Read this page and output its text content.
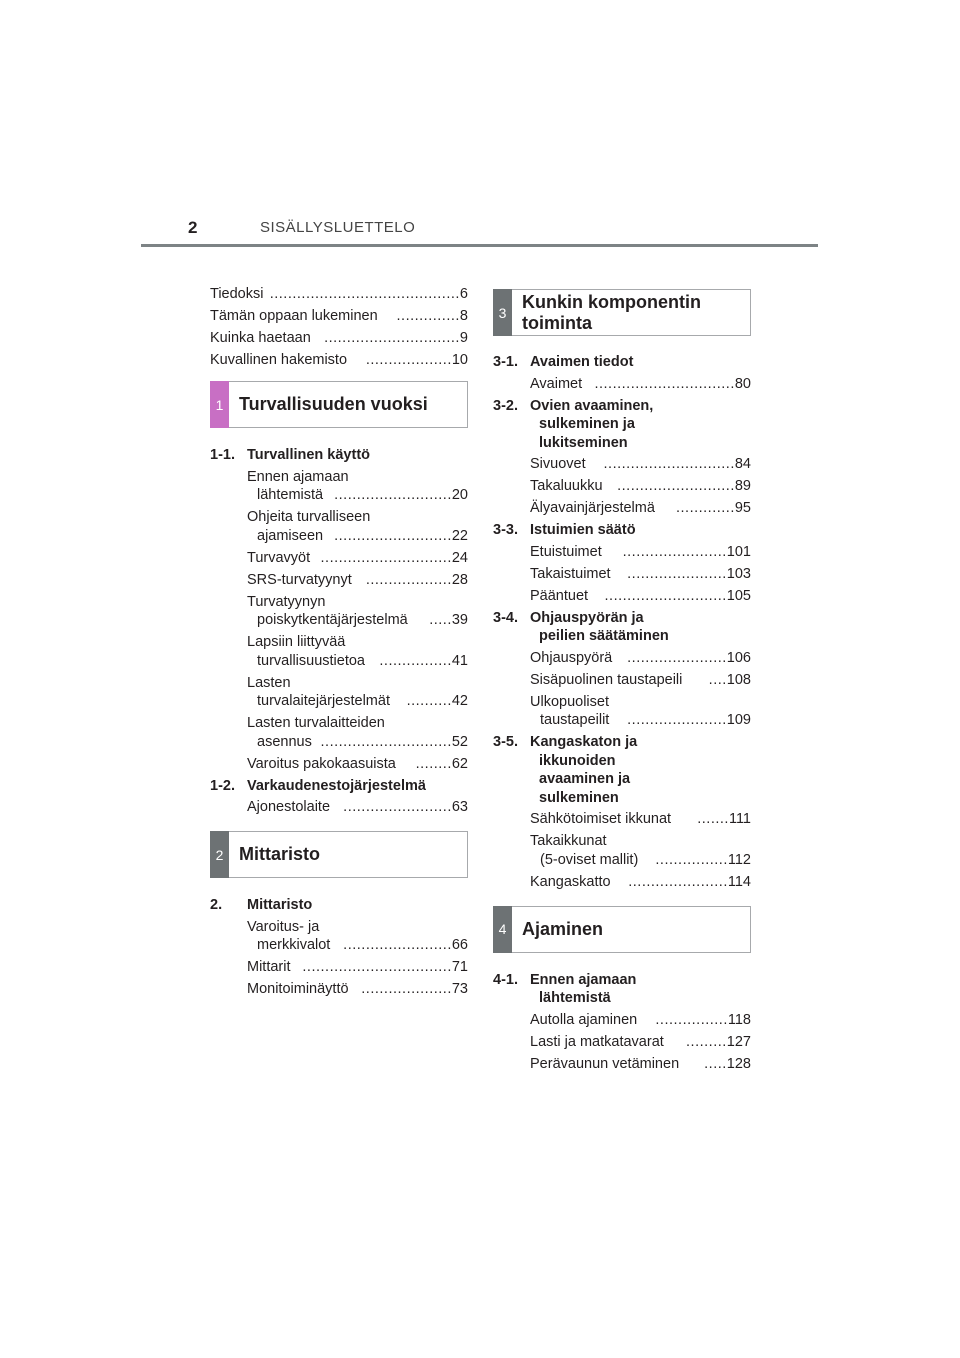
2	SISÄLLYSLUETTELO
Tiedoksi .......................................... 6
Tämän oppaan lukeminen .............. 8
Kuinka haetaan .............................. 9
Kuvallinen hakemisto ................... 10
1 Turvallisuuden vuoksi
1-1. Turvallinen käyttö
Ennen ajamaan
lähtemistä .......................... 20
Ohjeita turvalliseen
ajamiseen .......................... 22
Turvavyöt ............................. 24
SRS-turvatyynyt ................... 28
Turvatyynyn
poiskytkentäjärjestelmä ..... 39
Lapsiin liittyvää
turvallisuustietoa ................ 41
Lasten
turvalaitejärjestelmät .......... 42
Lasten turvalaitteiden
asennus ............................. 52
Varoitus pakokaasuista ........ 62
1-2. Varkaudenestojärjestelmä
Ajonestolaite ........................ 63
2 Mittaristo
2. Mittaristo
Varoitus- ja
merkkivalot ........................ 66
Mittarit ................................. 71
Monitoiminäyttö .................... 73
3
Kunkin komponentin
toiminta
3-1. Avaimen tiedot
Avaimet ............................... 80
3-2. Ovien avaaminen,
sulkeminen ja
lukitseminen
Sivuovet ............................. 84
Takaluukku .......................... 89
Älyavainjärjestelmä ............. 95
3-3. Istuimien säätö
Etuistuimet ....................... 101
Takaistuimet ...................... 103
Pääntuet ........................... 105
3-4. Ohjauspyörän ja
peilien säätäminen
Ohjauspyörä ...................... 106
Sisäpuolinen taustapeili .... 108
Ulkopuoliset
taustapeilit ...................... 109
3-5. Kangaskaton ja
ikkunoiden
avaaminen ja
sulkeminen
Sähkötoimiset ikkunat ....... 111
Takaikkunat
(5-oviset mallit) ................ 112
Kangaskatto ...................... 114
4 Ajaminen
4-1. Ennen ajamaan
lähtemistä
Autolla ajaminen ................ 118
Lasti ja matkatavarat ......... 127
Perävaunun vetäminen ..... 128
